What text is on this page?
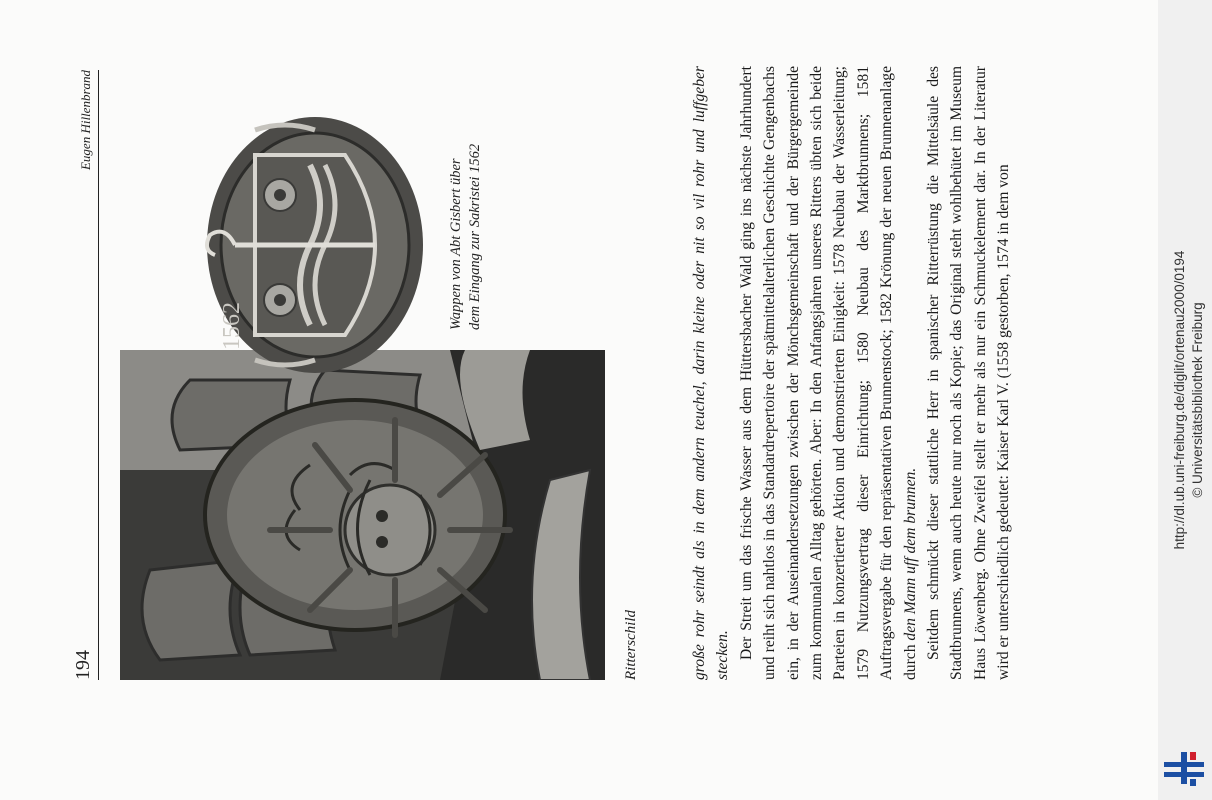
194
Eugen Hillenbrand
Ritterschild
1562	Wappen von Abt Gisbert über dem Eingang zur Sakristei 1562	große rohr seindt als in dem andern teuchel, darin kleine oder nit so vil rohr und luffgeber stecken. Der Streit um das frische Wasser aus dem Hüttersbacher Wald ging ins nächste Jahrhundert und reiht sich nahtlos in das Standardrepertoire der spätmittelalterlichen Geschichte Gengenbachs ein, in der Auseinandersetzungen zwischen der Mönchsgemeinschaft und der Bürgergemeinde zum kommunalen Alltag gehörten. Aber: In den Anfangsjahren unseres Ritters übten sich beide Parteien in konzertierter Aktion und demonstrierten Einigkeit: 1578 Neubau der Wasserleitung; 1579 Nutzungsvertrag dieser Einrichtung; 1580 Neubau des Marktbrunnens; 1581 Auftragsvergabe für den repräsentativen Brunnenstock; 1582 Krönung der neuen Brunnenanlage durch den Mann uff dem brunnen. Seitdem schmückt dieser stattliche Herr in spanischer Ritterrüstung die Mittelsäule des Stadtbrunnens, wenn auch heute nur noch als Kopie; das Original steht wohlbehütet im Museum Haus Löwenberg. Ohne Zweifel stellt er mehr als nur ein Schmuckelement dar. In der Literatur wird er unterschiedlich gedeutet: Kaiser Karl V. (1558 gestorben, 1574 in dem von	http://dl.ub.uni-freiburg.de/diglit/ortenau2000/0194 © Universitätsbibliothek Freiburg
